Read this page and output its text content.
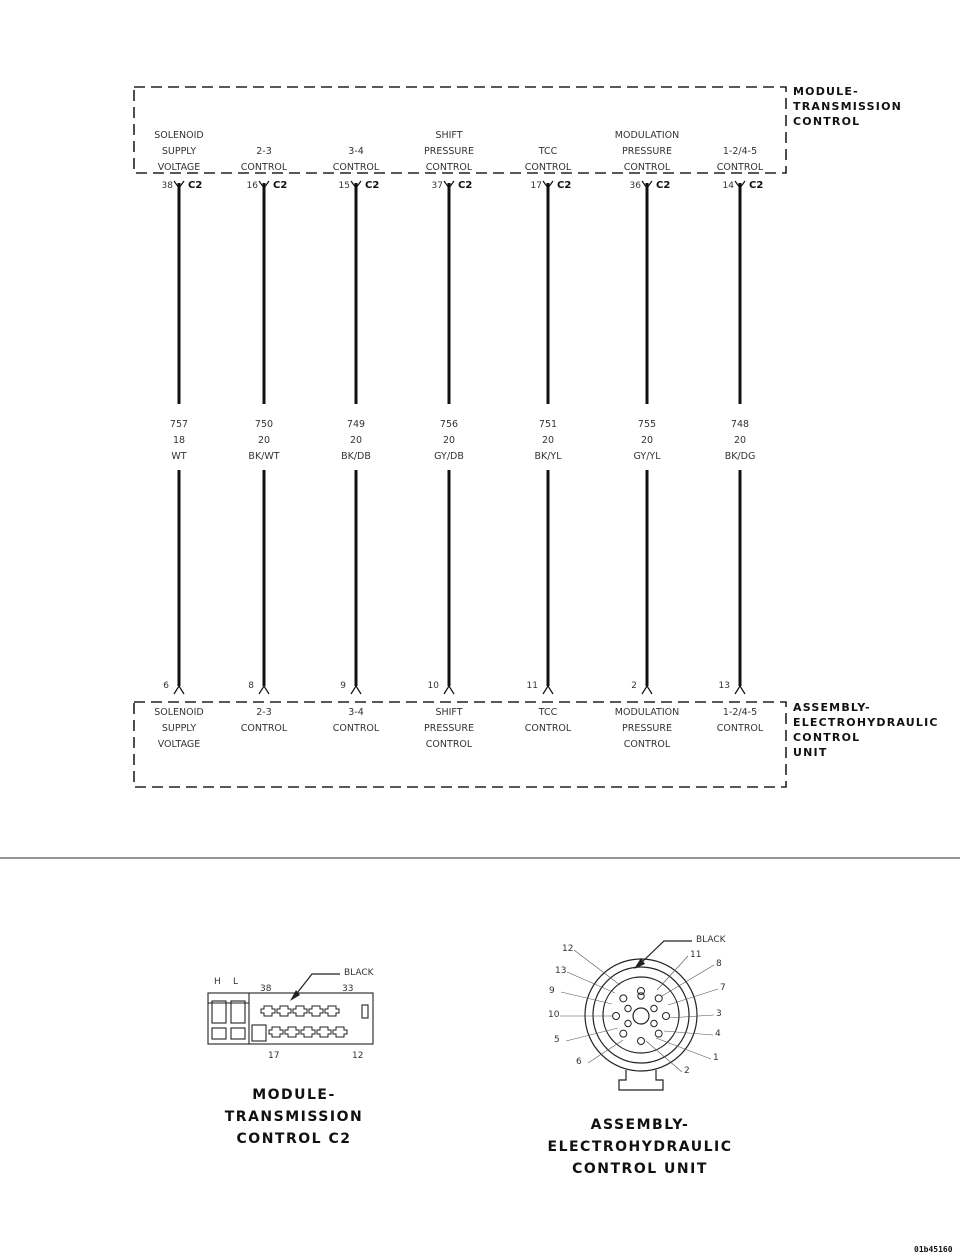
MODULE-
TRANSMISSION
CONTROL
ASSEMBLY-
ELECTROHYDRAULIC
CONTROL
UNIT
SOLENOID
SUPPLY
VOLTAGE
38 C2
757
18
WT
6
SOLENOID
SUPPLY
VOLTAGE
2-3
CONTROL
16 C2
750
20
BK/WT
8
2-3
CONTROL
3-4
CONTROL
15 C2
749
20
BK/DB
9
3-4
CONTROL
SHIFT
PRESSURE
CONTROL
37 C2
756
20
GY/DB
10
SHIFT
PRESSURE
CONTROL
TCC
CONTROL
17 C2
751
20
BK/YL
11
TCC
CONTROL
MODULATION
PRESSURE
CONTROL
36 C2
755
20
GY/YL
2
MODULATION
PRESSURE
CONTROL
1-2/4-5
CONTROL
14 C2
748
20
BK/DG
13
1-2/4-5
CONTROL
H L
38	33
17	12
BLACK
MODULE-
TRANSMISSION
CONTROL C2
BLACK
12
11
13
8
9	7
10	3
5
4
6	1
2
ASSEMBLY-
ELECTROHYDRAULIC
CONTROL UNIT
01b45160
